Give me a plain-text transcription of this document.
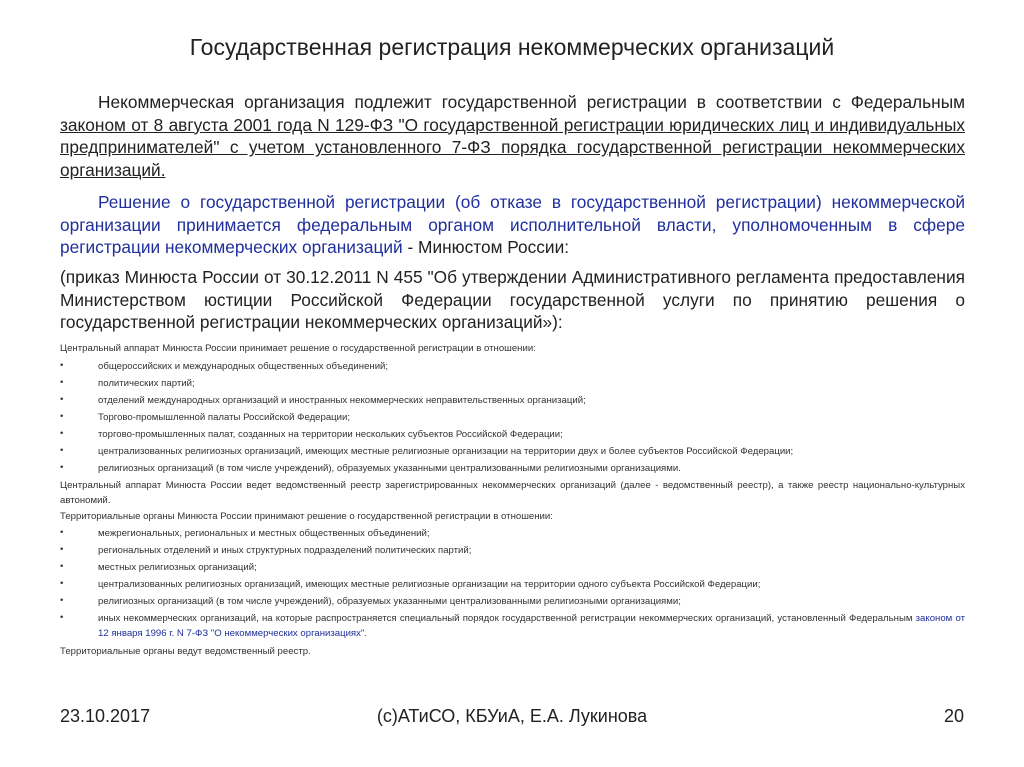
Государственная регистрация некоммерческих организаций
Некоммерческая организация подлежит государственной регистрации в соответствии с Федеральным законом от 8 августа 2001 года N 129-ФЗ "О государственной регистрации юридических лиц и индивидуальных предпринимателей" с учетом установленного 7-ФЗ порядка государственной регистрации некоммерческих организаций.
Решение о государственной регистрации (об отказе в государственной регистрации) некоммерческой организации принимается федеральным органом исполнительной власти, уполномоченным в сфере регистрации некоммерческих организаций - Минюстом России:
(приказ Минюста России от 30.12.2011 N 455 "Об утверждении Административного регламента предоставления Министерством юстиции Российской Федерации государственной услуги по принятию решения о государственной регистрации некоммерческих организаций»):
Центральный аппарат Минюста России принимает решение о государственной регистрации в отношении:
•	общероссийских и международных общественных объединений;
•	политических партий;
•	отделений международных организаций и иностранных некоммерческих неправительственных организаций;
•	Торгово-промышленной палаты Российской Федерации;
•	торгово-промышленных палат, созданных на территории нескольких субъектов Российской Федерации;
•	централизованных религиозных организаций, имеющих местные религиозные организации на территории двух и более субъектов Российской Федерации;
•	религиозных организаций (в том числе учреждений), образуемых указанными централизованными религиозными организациями.
Центральный аппарат Минюста России ведет ведомственный реестр зарегистрированных некоммерческих организаций (далее - ведомственный реестр), а также реестр национально-культурных автономий.
Территориальные органы Минюста России принимают решение о государственной регистрации в отношении:
•	межрегиональных, региональных и местных общественных объединений;
•	региональных отделений и иных структурных подразделений политических партий;
•	местных религиозных организаций;
•	централизованных религиозных организаций, имеющих местные религиозные организации на территории одного субъекта Российской Федерации;
•	религиозных организаций (в том числе учреждений), образуемых указанными централизованными религиозными организациями;
•	иных некоммерческих организаций, на которые распространяется специальный порядок государственной регистрации некоммерческих организаций, установленный Федеральным законом от 12 января 1996 г. N 7-ФЗ "О некоммерческих организациях".
Территориальные органы ведут ведомственный реестр.
23.10.2017	(с)АТиСО, КБУиА, Е.А. Лукинова	20
